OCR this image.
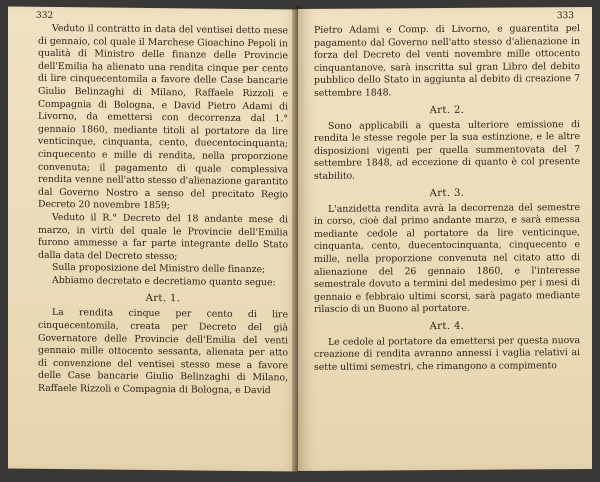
332

Veduto il contratto in data del ventisei detto mese di gennaio, col quale il Marchese Gioachino Pepoli in qualità di Ministro delle finanze delle Provincie dell'Emilia ha alienato una rendita cinque per cento di lire cinquecentomila a favore delle Case bancarie Giulio Belinzaghi di Milano, Raffaele Rizzoli e Compagnia di Bologna, e David Pietro Adami di Livorno, da emettersi con decorrenza dal 1.° gennaio 1860, mediante titoli al portatore da lire venticinque, cinquanta, cento, duecentocinquanta; cinquecento e mille di rendita, nella proporzione convenuta; il pagamento di quale complessiva rendita venne nell'atto stesso d'alienazione garantito dal Governo Nostro a senso del precitato Regio Decreto 20 novembre 1859;

Veduto il R.° Decreto del 18 andante mese di marzo, in virtù del quale le Provincie dell'Emilia furono ammesse a far parte integrante dello Stato dalla data del Decreto stesso;

Sulla proposizione del Ministro delle finanze;

Abbiamo decretato e decretiamo quanto segue:

Art. 1.

La rendita cinque per cento di lire cinquecentomila, creata per Decreto del già Governatore delle Provincie dell'Emilia del venti gennaio mille ottocento sessanta, alienata per atto di convenzione del ventisei stesso mese a favore delle Case bancarie Giulio Belinzaghi di Milano, Raffaele Rizzoli e Compagnia di Bologna, e David

333

Pietro Adami e Comp. di Livorno, e guarentita pel pagamento dal Governo nell'atto stesso d'alienazione in forza del Decreto del venti novembre mille ottocento cinquantanove, sarà inscritta sul gran Libro del debito pubblico dello Stato in aggiunta al debito di creazione 7 settembre 1848.

Art. 2.

Sono applicabili a questa ulteriore emissione di rendita le stesse regole per la sua estinzione, e le altre disposizioni vigenti per quella summentovata del 7 settembre 1848, ad eccezione di quanto è col presente stabilito.

Art. 3.

L'anzidetta rendita avrà la decorrenza del semestre in corso, cioè dal primo andante marzo, e sarà emessa mediante cedole al portatore da lire venticinque, cinquanta, cento, duecentocinquanta, cinquecento e mille, nella proporzione convenuta nel citato atto di alienazione del 26 gennaio 1860, e l'interesse semestrale dovuto a termini del medesimo per i mesi di gennaio e febbraio ultimi scorsi, sarà pagato mediante rilascio di un Buono al portatore.

Art. 4.

Le cedole al portatore da emettersi per questa nuova creazione di rendita avranno annessi i vaglia relativi ai sette ultimi semestri, che rimangono a compimento
